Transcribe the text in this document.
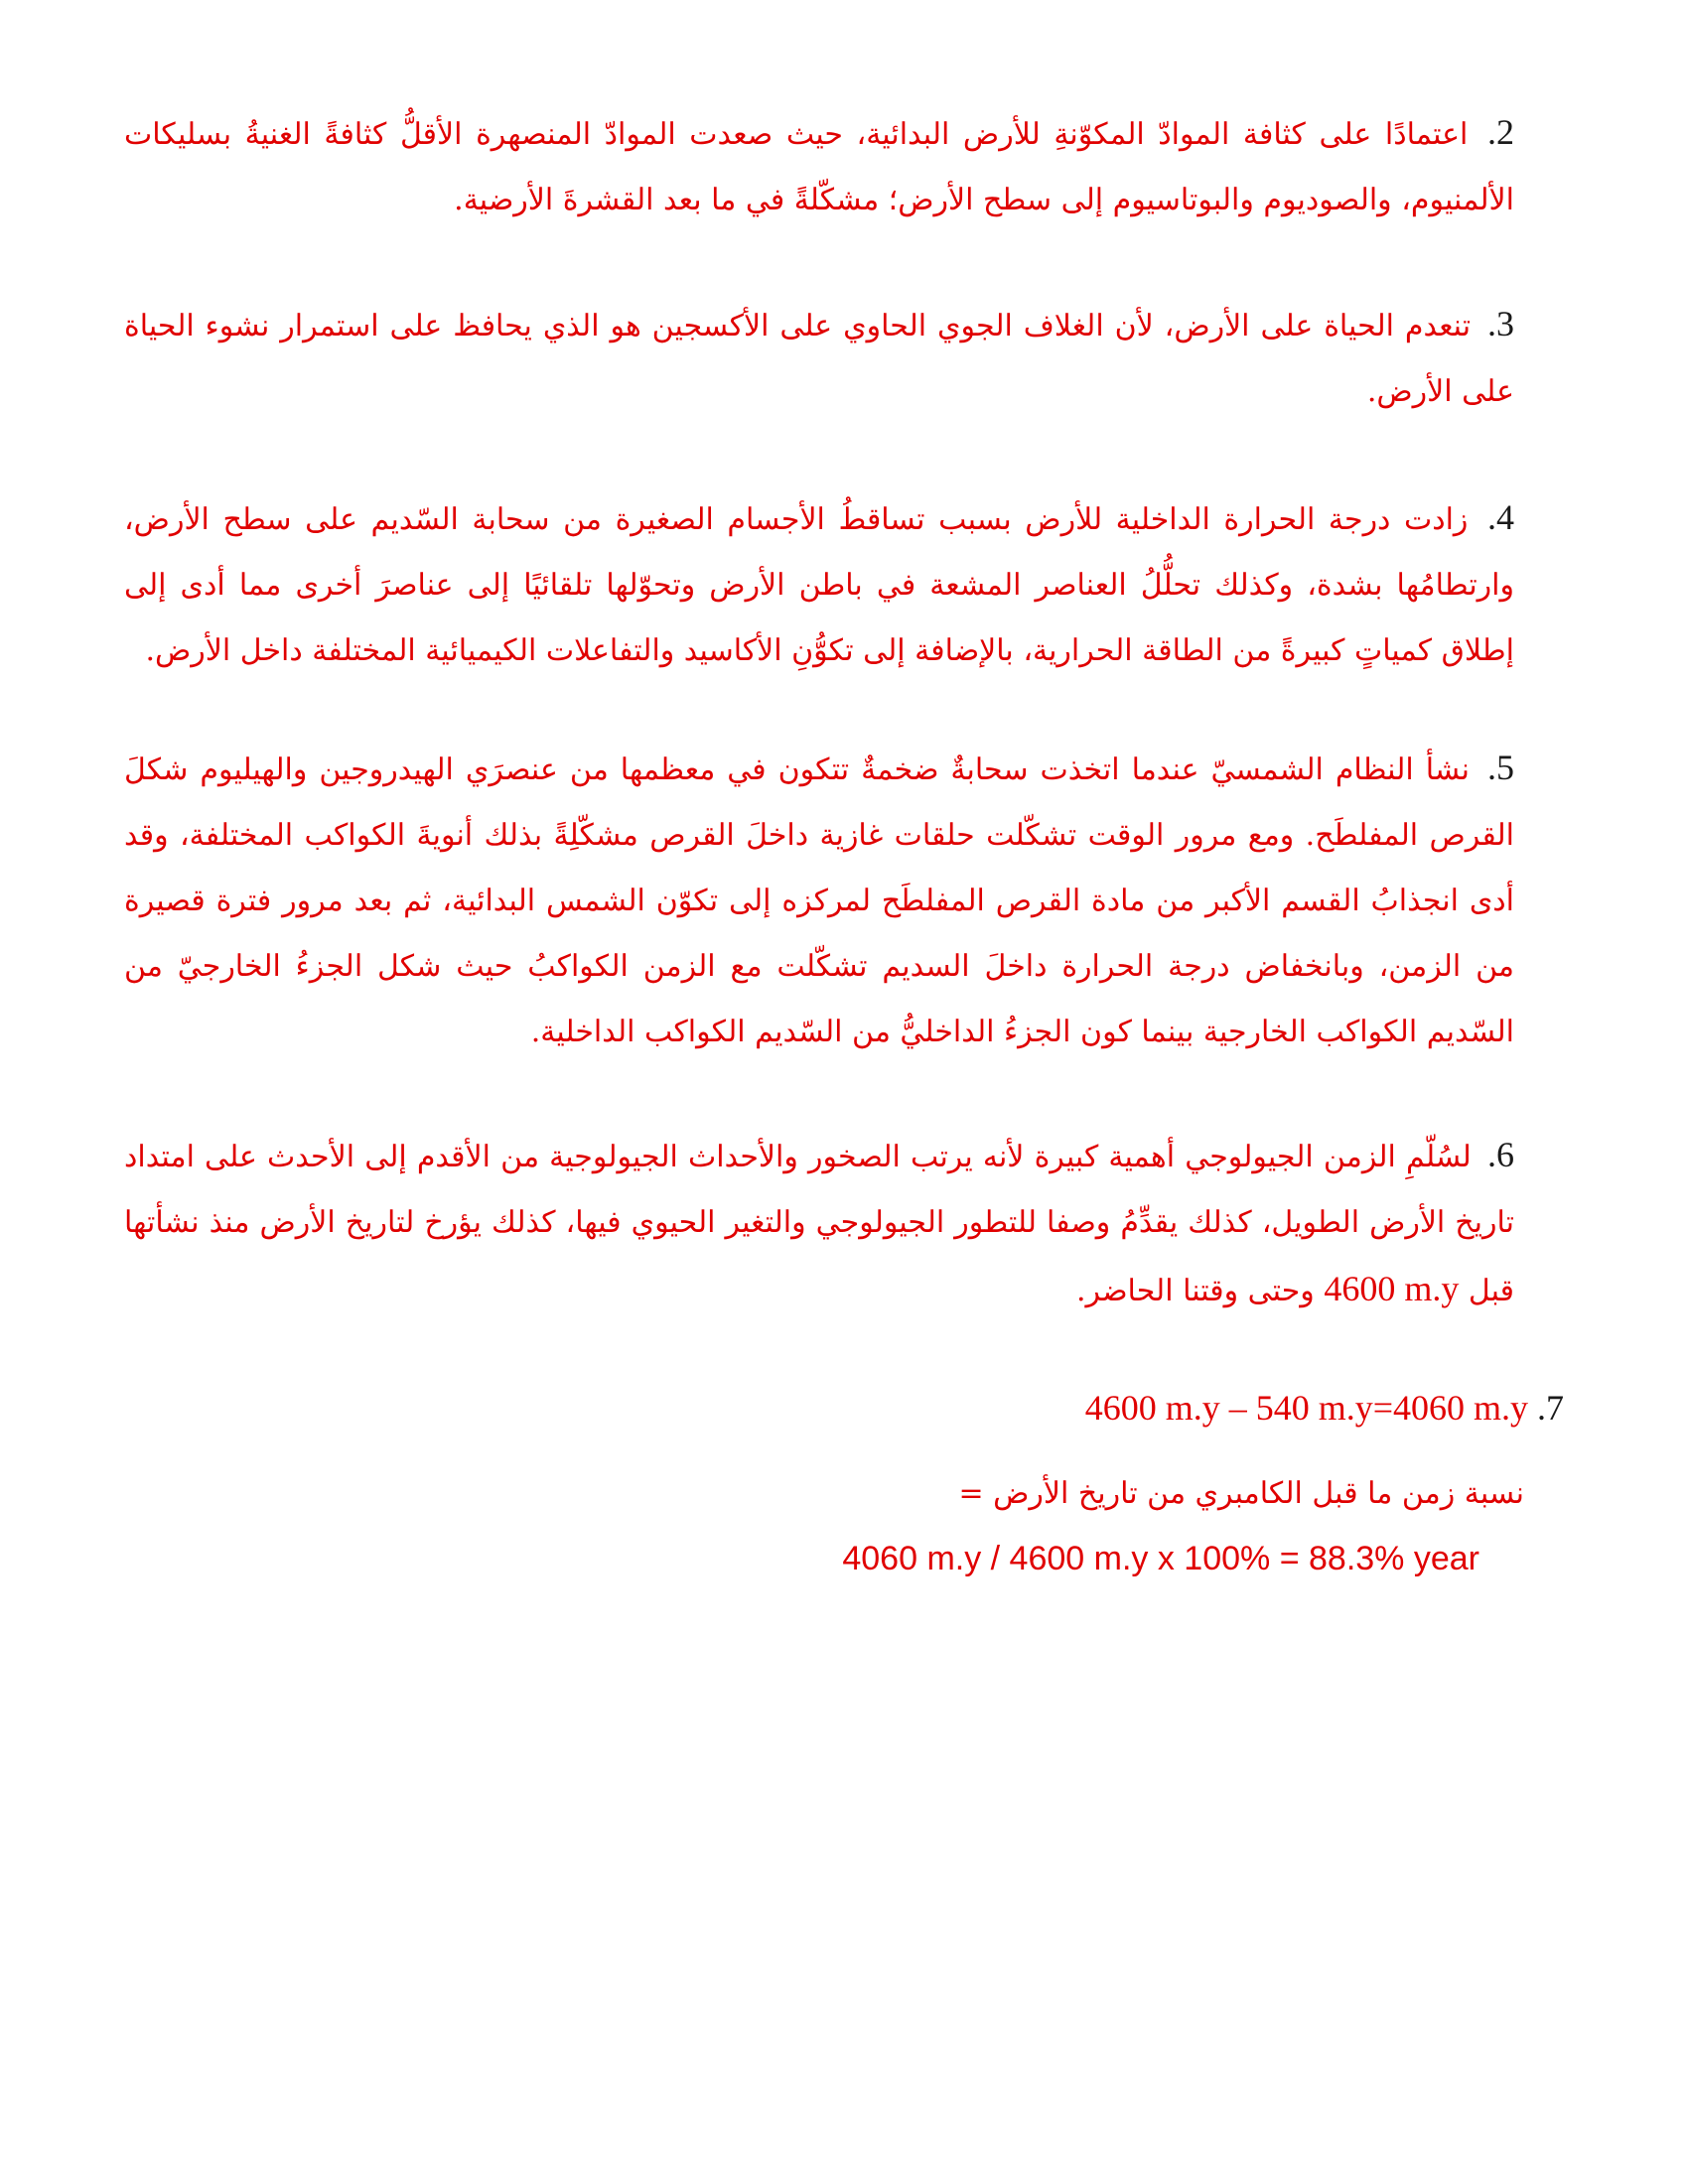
2. اعتمادًا على كثافة الموادّ المكوّنةِ للأرض البدائية، حيث صعدت الموادّ المنصهرة الأقلُّ كثافةً الغنيةُ بسليكات الألمنيوم، والصوديوم والبوتاسيوم إلى سطح الأرض؛ مشكّلةً في ما بعد القشرةَ الأرضية.
3. تنعدم الحياة على الأرض، لأن الغلاف الجوي الحاوي على الأكسجين هو الذي يحافظ على استمرار نشوء الحياة على الأرض.
4. زادت درجة الحرارة الداخلية للأرض بسبب تساقطُ الأجسام الصغيرة من سحابة السّديم على سطح الأرض، وارتطامُها بشدة، وكذلك تحلُّلُ العناصر المشعة في باطن الأرض وتحوّلها تلقائيًا إلى عناصرَ أخرى مما أدى إلى إطلاق كمياتٍ كبيرةً من الطاقة الحرارية، بالإضافة إلى تكوُّنِ الأكاسيد والتفاعلات الكيميائية المختلفة داخل الأرض.
5. نشأ النظام الشمسيّ عندما اتخذت سحابةٌ ضخمةٌ تتكون في معظمها من عنصرَي الهيدروجين والهيليوم شكلَ القرص المفلطَح. ومع مرور الوقت تشكّلت حلقات غازية داخلَ القرص مشكّلِةً بذلك أنويةَ الكواكب المختلفة، وقد أدى انجذابُ القسم الأكبر من مادة القرص المفلطَح لمركزه إلى تكوّن الشمس البدائية، ثم بعد مرور فترة قصيرة من الزمن، وبانخفاض درجة الحرارة داخلَ السديم تشكّلت مع الزمن الكواكبُ حيث شكل الجزءُ الخارجيّ من السّديم الكواكب الخارجية بينما كون الجزءُ الداخليُّ من السّديم الكواكب الداخلية.
6. لسُلّمِ الزمن الجيولوجي أهمية كبيرة لأنه يرتب الصخور والأحداث الجيولوجية من الأقدم إلى الأحدث على امتداد تاريخ الأرض الطويل، كذلك يقدِّمُ وصفا للتطور الجيولوجي والتغير الحيوي فيها، كذلك يؤرخ لتاريخ الأرض منذ نشأتها قبل 4600 m.y وحتى وقتنا الحاضر.
4600 m.y – 540 m.y=4060 m.y .7
نسبة زمن ما قبل الكامبري من تاريخ الأرض =
4060 m.y / 4600 m.y x 100% = 88.3% year
